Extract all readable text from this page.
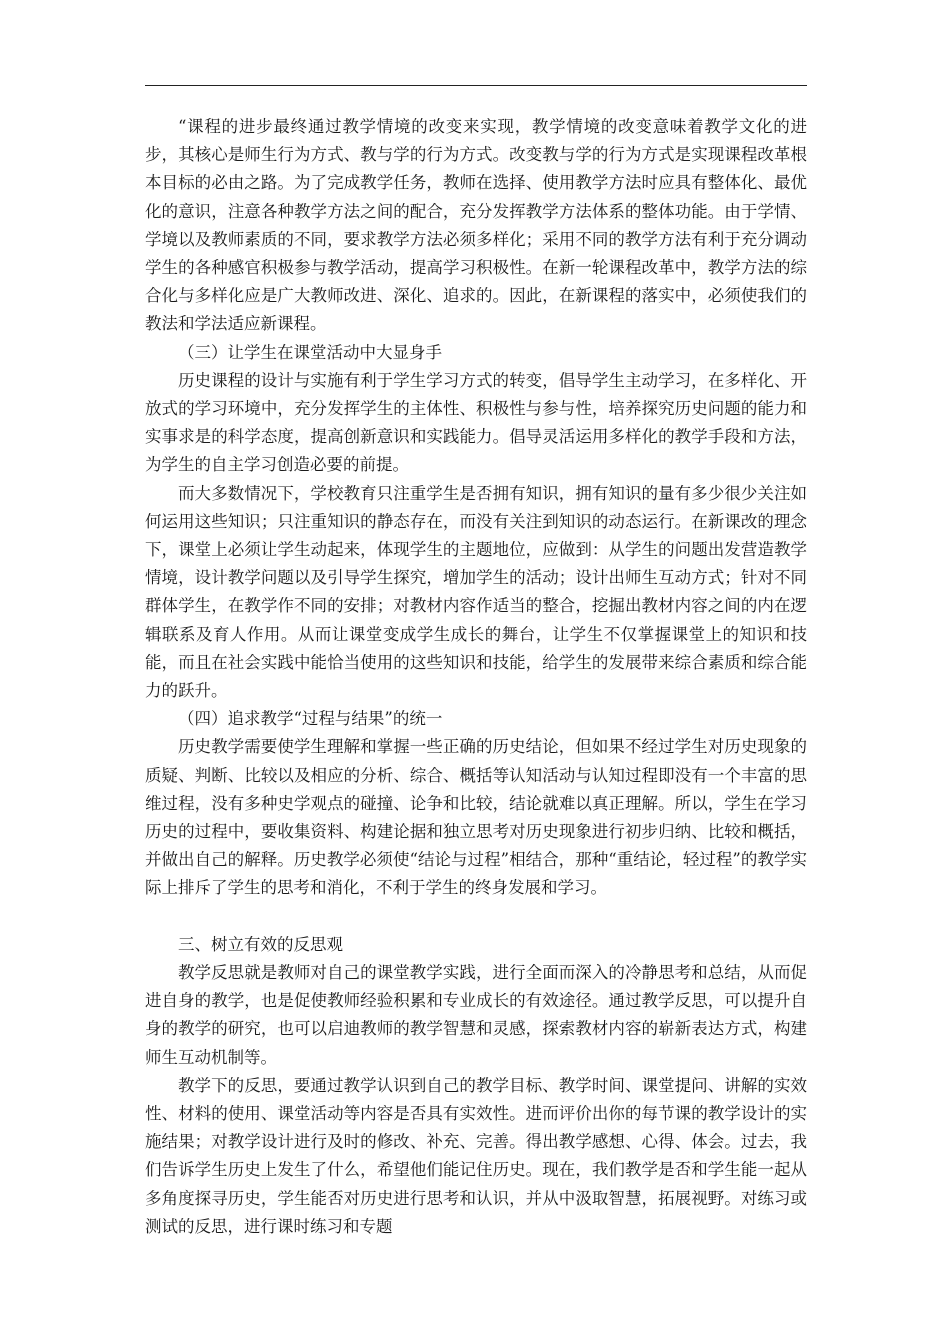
“课程的进步最终通过教学情境的改变来实现，教学情境的改变意味着教学文化的进步，其核心是师生行为方式、教与学的行为方式。改变教与学的行为方式是实现课程改革根本目标的必由之路。为了完成教学任务，教师在选择、使用教学方法时应具有整体化、最优化的意识，注意各种教学方法之间的配合，充分发挥教学方法体系的整体功能。由于学情、学境以及教师素质的不同，要求教学方法必须多样化；采用不同的教学方法有利于充分调动学生的各种感官积极参与教学活动，提高学习积极性。在新一轮课程改革中，教学方法的综合化与多样化应是广大教师改进、深化、追求的。因此，在新课程的落实中，必须使我们的教法和学法适应新课程。

（三）让学生在课堂活动中大显身手

历史课程的设计与实施有利于学生学习方式的转变，倡导学生主动学习，在多样化、开放式的学习环境中，充分发挥学生的主体性、积极性与参与性，培养探究历史问题的能力和实事求是的科学态度，提高创新意识和实践能力。倡导灵活运用多样化的教学手段和方法，为学生的自主学习创造必要的前提。

而大多数情况下，学校教育只注重学生是否拥有知识，拥有知识的量有多少很少关注如何运用这些知识；只注重知识的静态存在，而没有关注到知识的动态运行。在新课改的理念下，课堂上必须让学生动起来，体现学生的主题地位，应做到：从学生的问题出发营造教学情境，设计教学问题以及引导学生探究，增加学生的活动；设计出师生互动方式；针对不同群体学生，在教学作不同的安排；对教材内容作适当的整合，挖掘出教材内容之间的内在逻辑联系及育人作用。从而让课堂变成学生成长的舞台，让学生不仅掌握课堂上的知识和技能，而且在社会实践中能恰当使用的这些知识和技能，给学生的发展带来综合素质和综合能力的跃升。

（四）追求教学“过程与结果”的统一

历史教学需要使学生理解和掌握一些正确的历史结论，但如果不经过学生对历史现象的质疑、判断、比较以及相应的分析、综合、概括等认知活动与认知过程即没有一个丰富的思维过程，没有多种史学观点的碰撞、论争和比较，结论就难以真正理解。所以，学生在学习历史的过程中，要收集资料、构建论据和独立思考对历史现象进行初步归纳、比较和概括，并做出自己的解释。历史教学必须使“结论与过程”相结合，那种“重结论，轻过程”的教学实际上排斥了学生的思考和消化，不利于学生的终身发展和学习。

三、树立有效的反思观

教学反思就是教师对自己的课堂教学实践，进行全面而深入的冷静思考和总结，从而促进自身的教学，也是促使教师经验积累和专业成长的有效途径。通过教学反思，可以提升自身的教学的研究，也可以启迪教师的教学智慧和灵感，探索教材内容的崭新表达方式，构建师生互动机制等。

教学下的反思，要通过教学认识到自己的教学目标、教学时间、课堂提问、讲解的实效性、材料的使用、课堂活动等内容是否具有实效性。进而评价出你的每节课的教学设计的实施结果；对教学设计进行及时的修改、补充、完善。得出教学感想、心得、体会。过去，我们告诉学生历史上发生了什么，希望他们能记住历史。现在，我们教学是否和学生能一起从多角度探寻历史，学生能否对历史进行思考和认识，并从中汲取智慧，拓展视野。对练习或测试的反思，进行课时练习和专题
